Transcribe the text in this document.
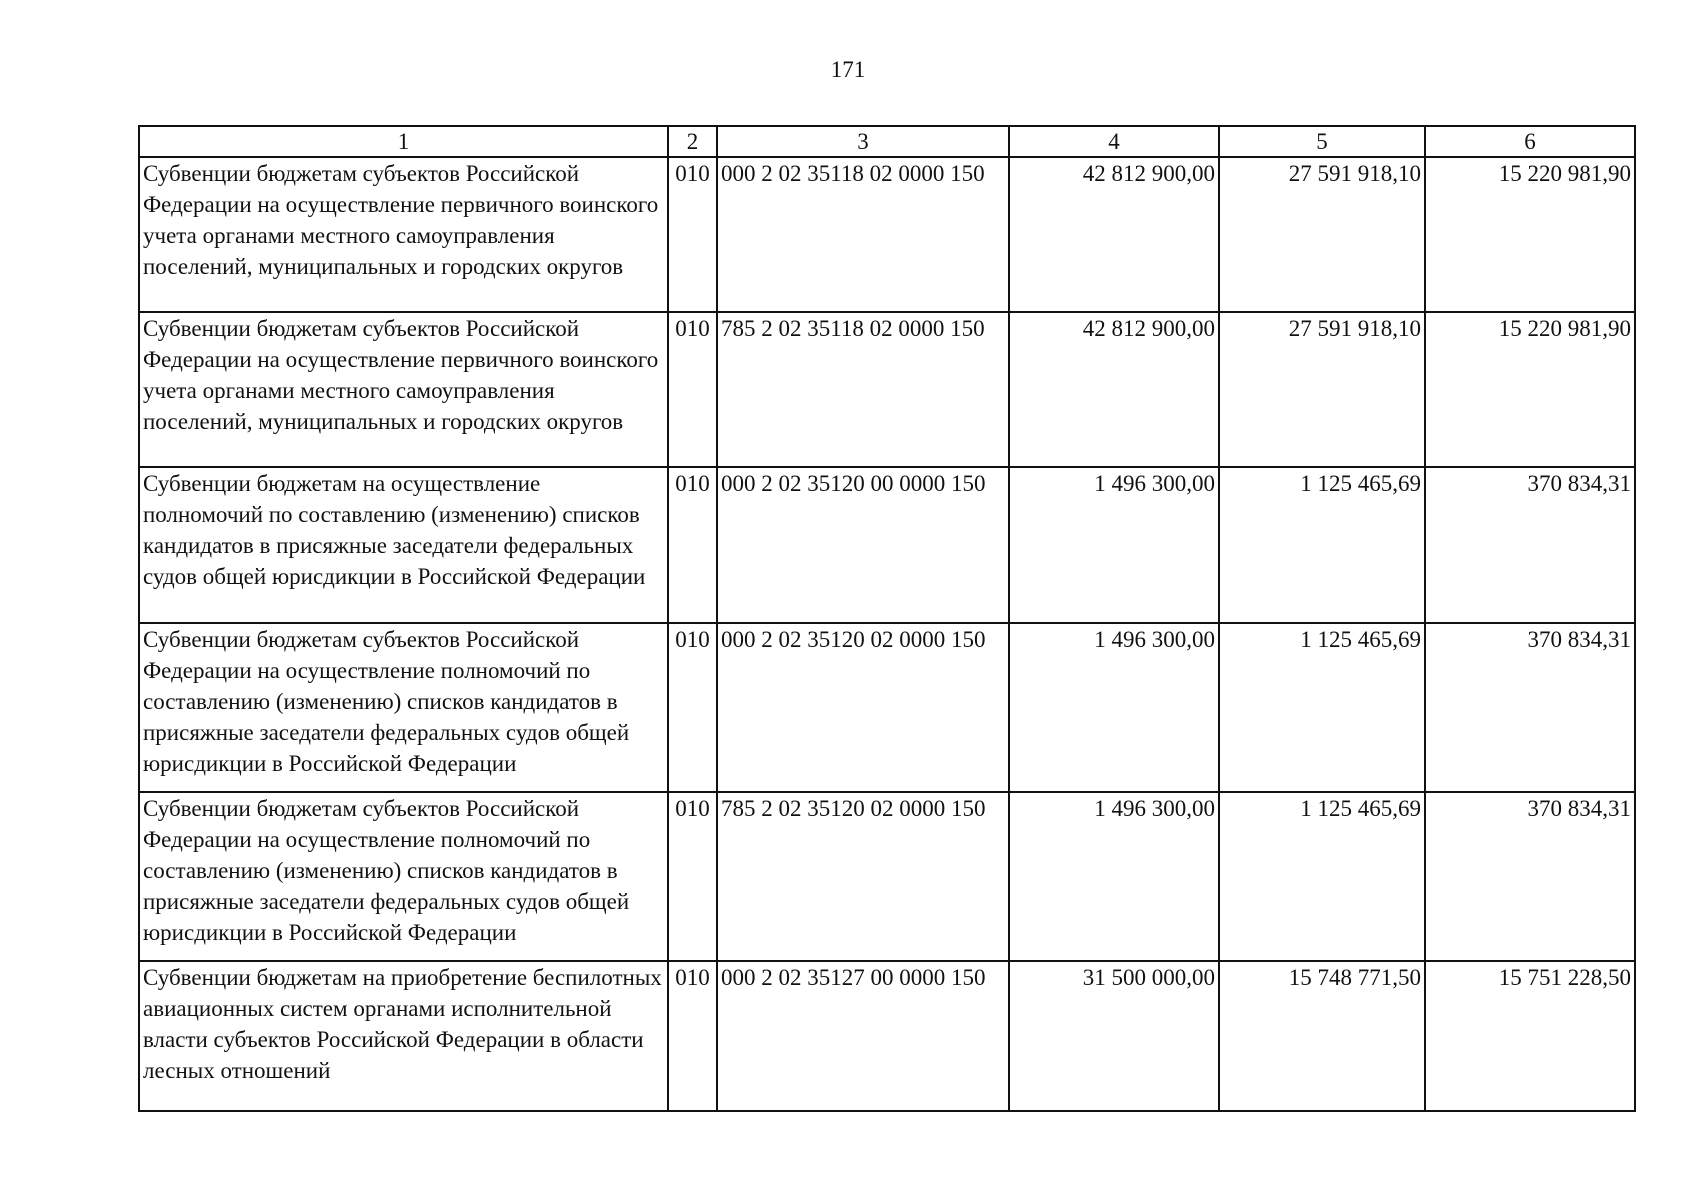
171
1	2	3	4	5	6
Субвенции бюджетам субъектов Российской Федерации на осуществление первичного воинского учета органами местного самоуправления поселений, муниципальных и городских округов	010	000 2 02 35118 02 0000 150	42 812 900,00	27 591 918,10	15 220 981,90
Субвенции бюджетам субъектов Российской Федерации на осуществление первичного воинского учета органами местного самоуправления поселений, муниципальных и городских округов	010	785 2 02 35118 02 0000 150	42 812 900,00	27 591 918,10	15 220 981,90
Субвенции бюджетам на осуществление полномочий по составлению (изменению) списков кандидатов в присяжные заседатели федеральных судов общей юрисдикции в Российской Федерации	010	000 2 02 35120 00 0000 150	1 496 300,00	1 125 465,69	370 834,31
Субвенции бюджетам субъектов Российской Федерации на осуществление полномочий по составлению (изменению) списков кандидатов в присяжные заседатели федеральных судов общей юрисдикции в Российской Федерации	010	000 2 02 35120 02 0000 150	1 496 300,00	1 125 465,69	370 834,31
Субвенции бюджетам субъектов Российской Федерации на осуществление полномочий по составлению (изменению) списков кандидатов в присяжные заседатели федеральных судов общей юрисдикции в Российской Федерации	010	785 2 02 35120 02 0000 150	1 496 300,00	1 125 465,69	370 834,31
Субвенции бюджетам на приобретение беспилотных авиационных систем органами исполнительной власти субъектов Российской Федерации в области лесных отношений	010	000 2 02 35127 00 0000 150	31 500 000,00	15 748 771,50	15 751 228,50
